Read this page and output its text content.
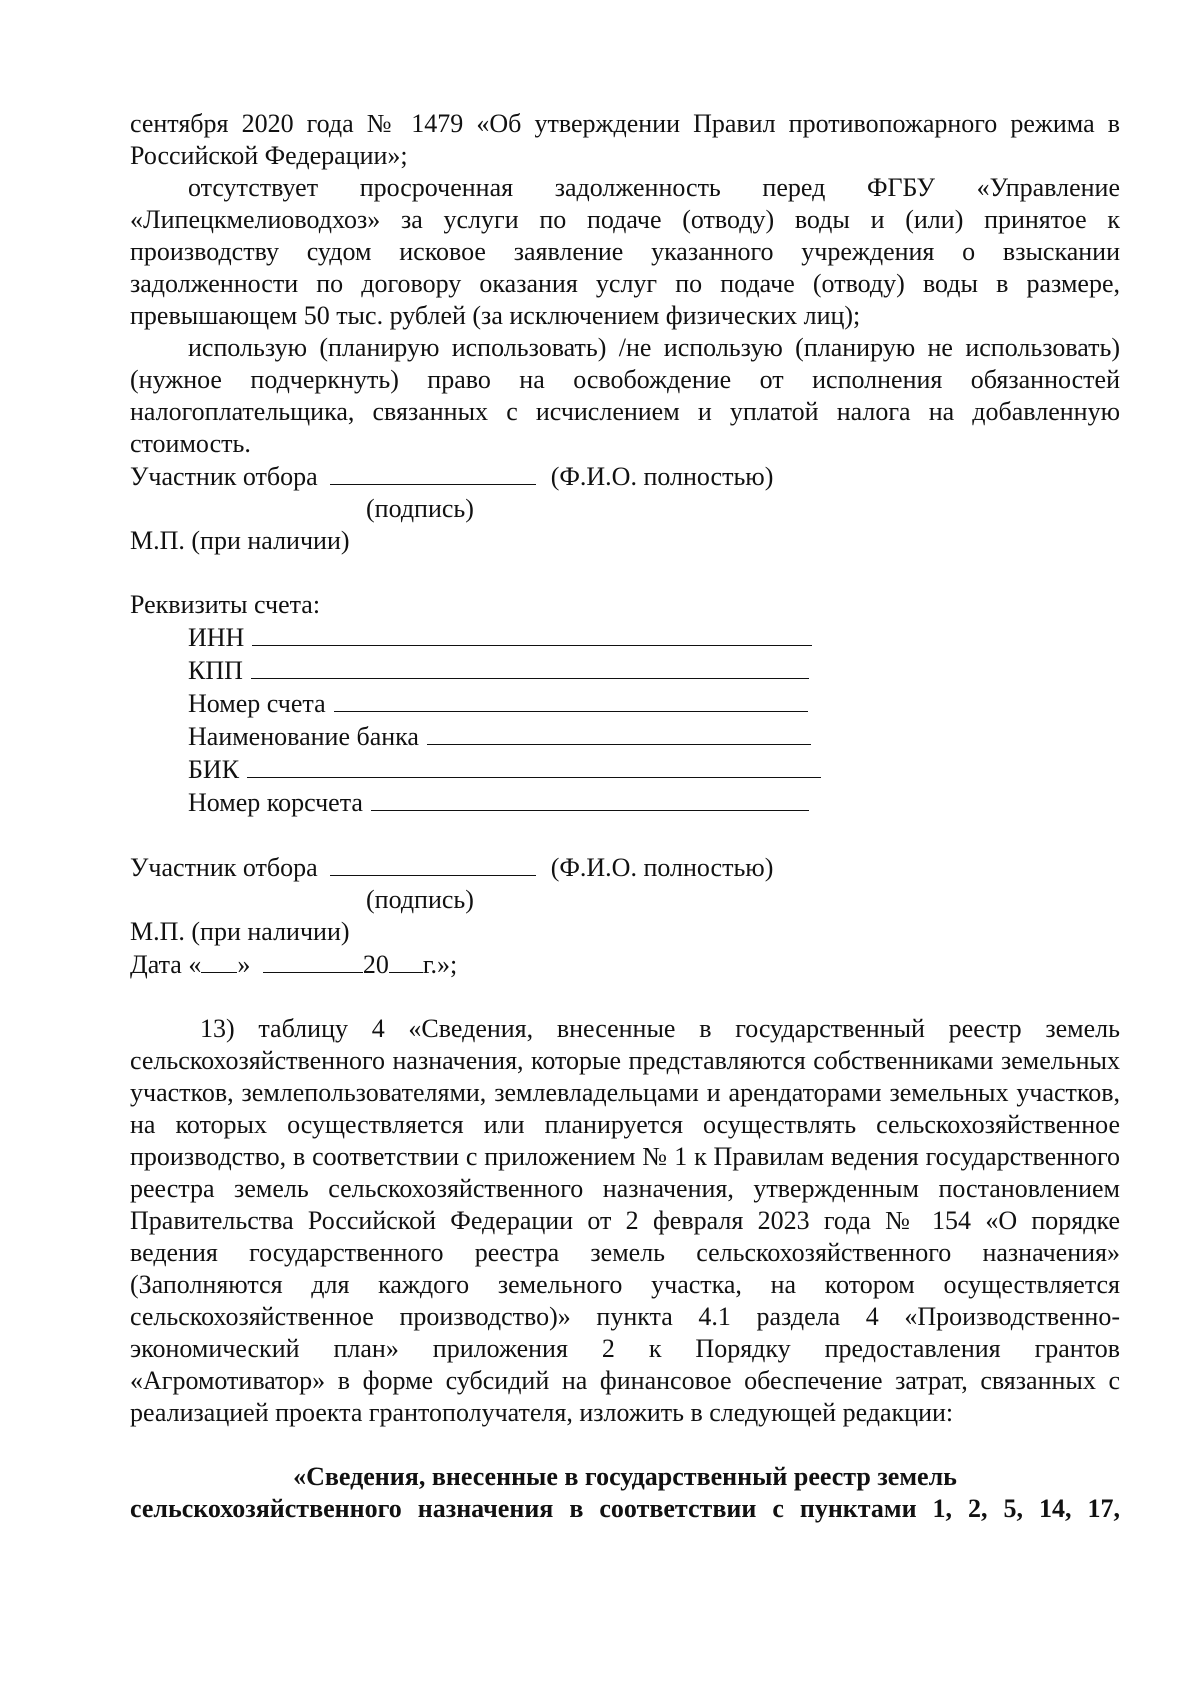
сентября 2020 года № 1479 «Об утверждении Правил противопожарного режима в Российской Федерации»;

отсутствует просроченная задолженность перед ФГБУ «Управление «Липецкмелиоводхоз» за услуги по подаче (отводу) воды и (или) принятое к производству судом исковое заявление указанного учреждения о взыскании задолженности по договору оказания услуг по подаче (отводу) воды в размере, превышающем 50 тыс. рублей (за исключением физических лиц);

использую (планирую использовать) /не использую (планирую не использовать) (нужное подчеркнуть) право на освобождение от исполнения обязанностей налогоплательщика, связанных с исчислением и уплатой налога на добавленную стоимость.

Участник отбора	(Ф.И.О. полностью)

(подпись)

М.П. (при наличии)

Реквизиты счета:

ИНН
КПП
Номер счета
Наименование банка
БИК
Номер корсчета

Участник отбора	(Ф.И.О. полностью)

(подпись)

М.П. (при наличии)

Дата « »	20 г.»;

13) таблицу 4 «Сведения, внесенные в государственный реестр земель сельскохозяйственного назначения, которые представляются собственниками земельных участков, землепользователями, землевладельцами и арендаторами земельных участков, на которых осуществляется или планируется осуществлять сельскохозяйственное производство, в соответствии с приложением № 1 к Правилам ведения государственного реестра земель сельскохозяйственного назначения, утвержденным постановлением Правительства Российской Федерации от 2 февраля 2023 года № 154 «О порядке ведения государственного реестра земель сельскохозяйственного назначения» (Заполняются для каждого земельного участка, на котором осуществляется сельскохозяйственное производство)» пункта 4.1 раздела 4 «Производственно-экономический план» приложения 2 к Порядку предоставления грантов «Агромотиватор» в форме субсидий на финансовое обеспечение затрат, связанных с реализацией проекта грантополучателя, изложить в следующей редакции:

«Сведения, внесенные в государственный реестр земель

сельскохозяйственного назначения в соответствии с пунктами 1, 2, 5, 14, 17,
